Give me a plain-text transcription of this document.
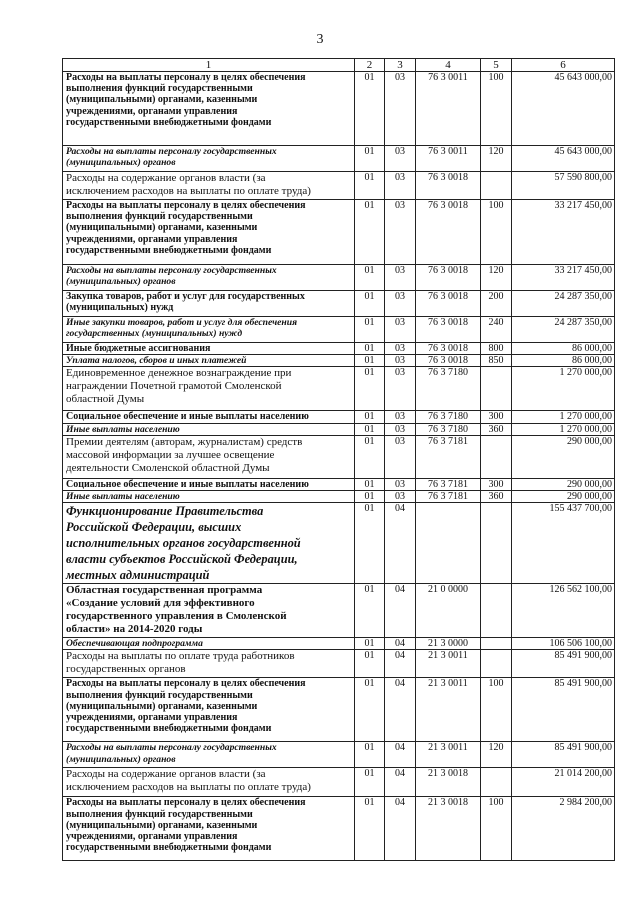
3
1	2	3	4	5	6
Расходы на выплаты персоналу в целях обеспечения
выполнения функций государственными
(муниципальными) органами, казенными
учреждениями, органами управления
государственными внебюджетными фондами	01	03	76 3 0011	100	45 643 000,00
Расходы на выплаты персоналу государственных
(муниципальных) органов	01	03	76 3 0011	120	45 643 000,00
Расходы на содержание органов власти (за
исключением расходов на выплаты по оплате труда)	01	03	76 3 0018		57 590 800,00
Расходы на выплаты персоналу в целях обеспечения
выполнения функций государственными
(муниципальными) органами, казенными
учреждениями, органами управления
государственными внебюджетными фондами	01	03	76 3 0018	100	33 217 450,00
Расходы на выплаты персоналу государственных
(муниципальных) органов	01	03	76 3 0018	120	33 217 450,00
Закупка товаров, работ и услуг для государственных
(муниципальных) нужд	01	03	76 3 0018	200	24 287 350,00
Иные закупки товаров, работ и услуг для обеспечения
государственных (муниципальных) нужд	01	03	76 3 0018	240	24 287 350,00
Иные бюджетные ассигнования	01	03	76 3 0018	800	86 000,00
Уплата налогов, сборов и иных платежей	01	03	76 3 0018	850	86 000,00
Единовременное денежное вознаграждение при
награждении Почетной грамотой Смоленской
областной Думы	01	03	76 3 7180		1 270 000,00
Социальное обеспечение и иные выплаты населению	01	03	76 3 7180	300	1 270 000,00
Иные выплаты населению	01	03	76 3 7180	360	1 270 000,00
Премии деятелям (авторам, журналистам) средств
массовой информации за лучшее освещение
деятельности Смоленской областной Думы	01	03	76 3 7181		290 000,00
Социальное обеспечение и иные выплаты населению	01	03	76 3 7181	300	290 000,00
Иные выплаты населению	01	03	76 3 7181	360	290 000,00
Функционирование Правительства
Российской Федерации, высших
исполнительных органов государственной
власти субъектов Российской Федерации,
местных администраций	01	04			155 437 700,00
Областная государственная программа
«Создание условий для эффективного
государственного управления в Смоленской
области» на 2014-2020 годы	01	04	21 0 0000		126 562 100,00
Обеспечивающая подпрограмма	01	04	21 3 0000		106 506 100,00
Расходы на выплаты по оплате труда работников
государственных органов	01	04	21 3 0011		85 491 900,00
Расходы на выплаты персоналу в целях обеспечения
выполнения функций государственными
(муниципальными) органами, казенными
учреждениями, органами управления
государственными внебюджетными фондами	01	04	21 3 0011	100	85 491 900,00
Расходы на выплаты персоналу государственных
(муниципальных) органов	01	04	21 3 0011	120	85 491 900,00
Расходы на содержание органов власти (за
исключением расходов на выплаты по оплате труда)	01	04	21 3 0018		21 014 200,00
Расходы на выплаты персоналу в целях обеспечения
выполнения функций государственными
(муниципальными) органами, казенными
учреждениями, органами управления
государственными внебюджетными фондами	01	04	21 3 0018	100	2 984 200,00
